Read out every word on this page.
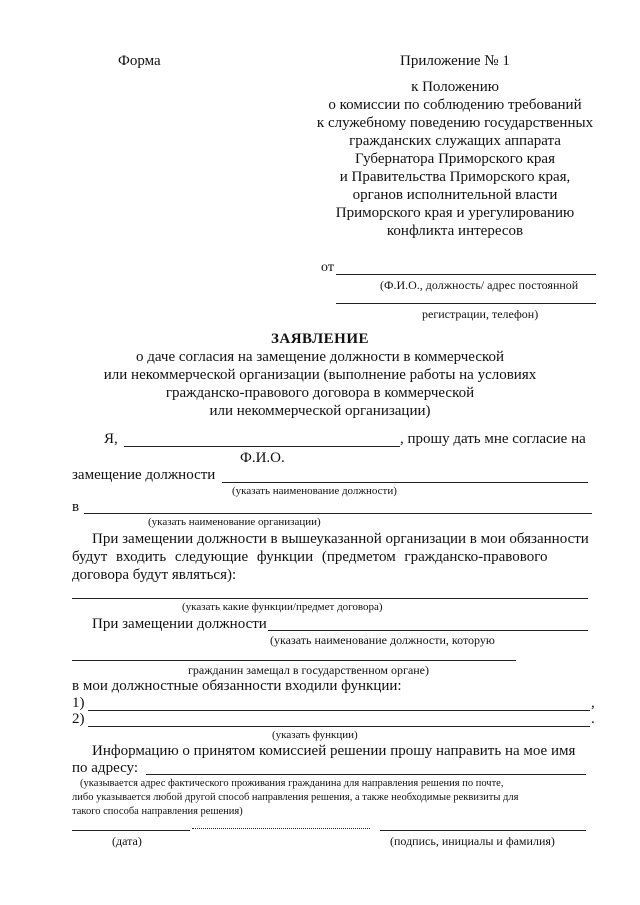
Форма	Приложение № 1
к Положению
о комиссии по соблюдению требований
к служебному поведению государственных
гражданских служащих аппарата
Губернатора Приморского края
и Правительства Приморского края,
органов исполнительной власти
Приморского края и урегулированию
конфликта интересов
от
(Ф.И.О., должность/ адрес постоянной
регистрации, телефон)
ЗАЯВЛЕНИЕ
о даче согласия на замещение должности в коммерческой
или некоммерческой организации (выполнение работы на условиях
гражданско-правового договора в коммерческой
или некоммерческой организации)
Я,	, прошу дать мне согласие на
Ф.И.О.
замещение должности
(указать наименование должности)
в
(указать наименование организации)
При замещении должности в вышеуказанной организации в мои обязанности
будут входить следующие функции (предметом гражданско-правового
договора будут являться):
(указать какие функции/предмет договора)
При замещении должности
(указать наименование должности, которую
гражданин замещал в государственном органе)
в мои должностные обязанности входили функции:
1)	,
2)	.
(указать функции)
Информацию о принятом комиссией решении прошу направить на мое имя
по адресу:
(указывается адрес фактического проживания гражданина для направления решения по почте,
либо указывается любой другой способ направления решения, а также необходимые реквизиты для
такого способа направления решения)
(дата)	(подпись, инициалы и фамилия)
